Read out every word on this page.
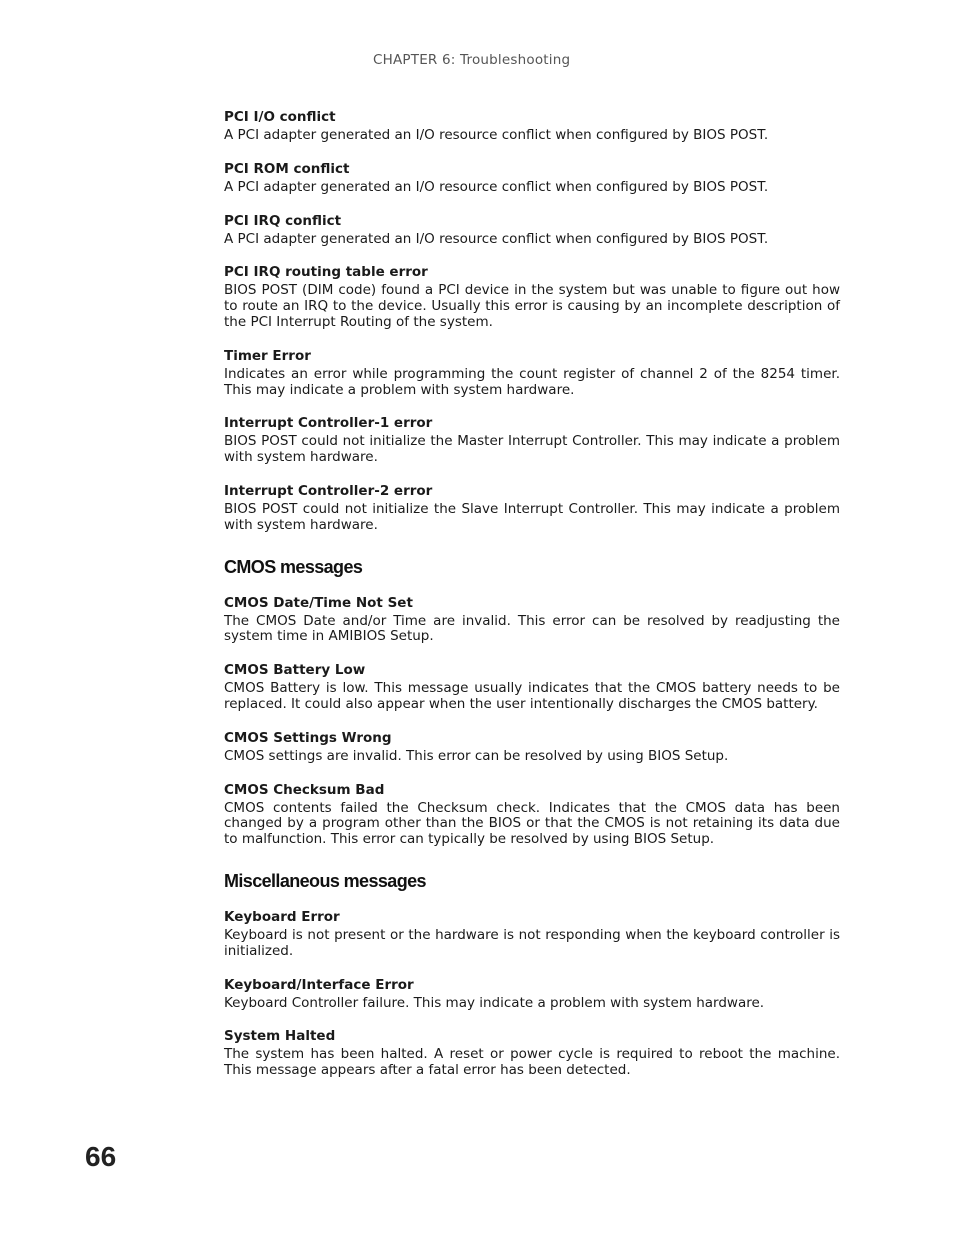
CHAPTER 6: Troubleshooting
PCI I/O conflict

A PCI adapter generated an I/O resource conflict when configured by BIOS POST.

PCI ROM conflict

A PCI adapter generated an I/O resource conflict when configured by BIOS POST.

PCI IRQ conflict

A PCI adapter generated an I/O resource conflict when configured by BIOS POST.

PCI IRQ routing table error

BIOS POST (DIM code) found a PCI device in the system but was unable to figure out how to route an IRQ to the device. Usually this error is causing by an incomplete description of the PCI Interrupt Routing of the system.

Timer Error

Indicates an error while programming the count register of channel 2 of the 8254 timer. This may indicate a problem with system hardware.

Interrupt Controller-1 error

BIOS POST could not initialize the Master Interrupt Controller. This may indicate a problem with system hardware.

Interrupt Controller-2 error

BIOS POST could not initialize the Slave Interrupt Controller. This may indicate a problem with system hardware.

CMOS messages
CMOS Date/Time Not Set

The CMOS Date and/or Time are invalid. This error can be resolved by readjusting the system time in AMIBIOS Setup.

CMOS Battery Low

CMOS Battery is low. This message usually indicates that the CMOS battery needs to be replaced. It could also appear when the user intentionally discharges the CMOS battery.

CMOS Settings Wrong

CMOS settings are invalid. This error can be resolved by using BIOS Setup.

CMOS Checksum Bad

CMOS contents failed the Checksum check. Indicates that the CMOS data has been changed by a program other than the BIOS or that the CMOS is not retaining its data due to malfunction. This error can typically be resolved by using BIOS Setup.

Miscellaneous messages
Keyboard Error

Keyboard is not present or the hardware is not responding when the keyboard controller is initialized.

Keyboard/Interface Error

Keyboard Controller failure. This may indicate a problem with system hardware.

System Halted

The system has been halted. A reset or power cycle is required to reboot the machine. This message appears after a fatal error has been detected.

66
